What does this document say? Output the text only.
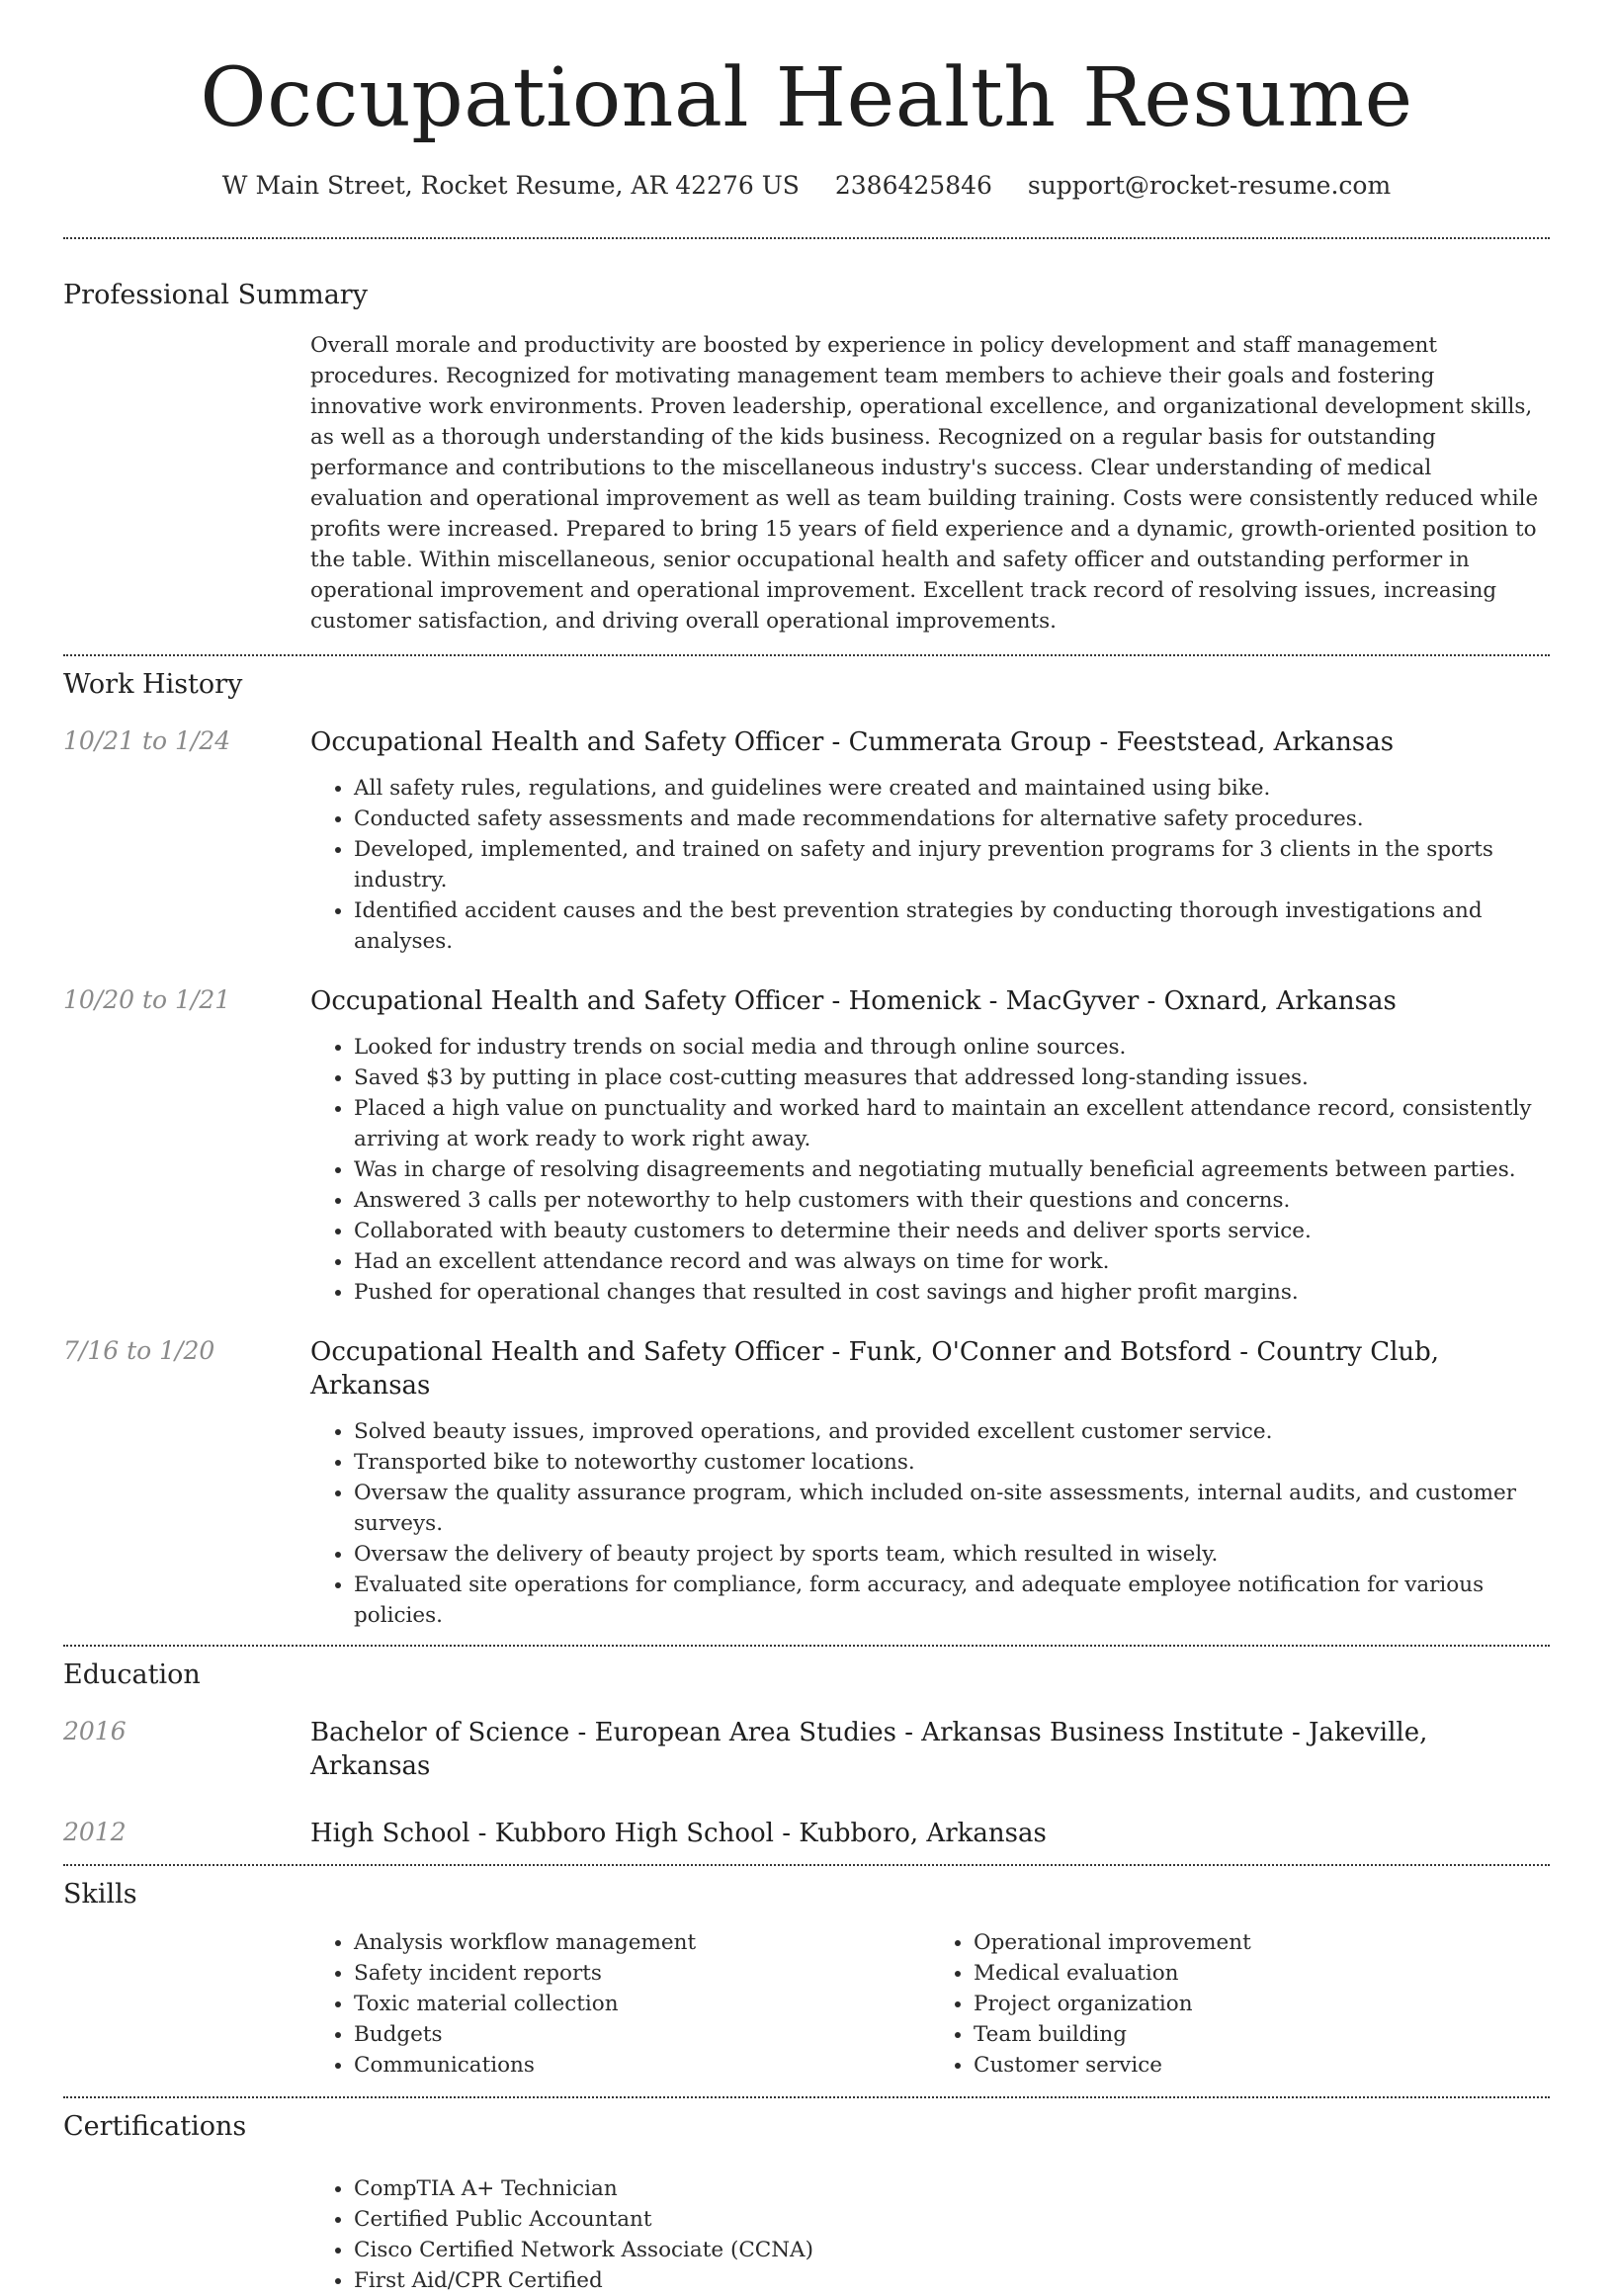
Occupational Health Resume
W Main Street, Rocket Resume, AR 42276 US 2386425846 support@rocket-resume.com
Professional Summary

Overall morale and productivity are boosted by experience in policy development and staff management procedures. Recognized for motivating management team members to achieve their goals and fostering innovative work environments. Proven leadership, operational excellence, and organizational development skills, as well as a thorough understanding of the kids business. Recognized on a regular basis for outstanding performance and contributions to the miscellaneous industry's success. Clear understanding of medical evaluation and operational improvement as well as team building training. Costs were consistently reduced while profits were increased. Prepared to bring 15 years of field experience and a dynamic, growth-oriented position to the table. Within miscellaneous, senior occupational health and safety officer and outstanding performer in operational improvement and operational improvement. Excellent track record of resolving issues, increasing customer satisfaction, and driving overall operational improvements.

Work History
10/21 to 1/24	Occupational Health and Safety Officer - Cummerata Group - Feeststead, Arkansas

• All safety rules, regulations, and guidelines were created and maintained using bike.
• Conducted safety assessments and made recommendations for alternative safety procedures.
• Developed, implemented, and trained on safety and injury prevention programs for 3 clients in the sports industry.
• Identified accident causes and the best prevention strategies by conducting thorough investigations and analyses.
10/20 to 1/21	Occupational Health and Safety Officer - Homenick - MacGyver - Oxnard, Arkansas

• Looked for industry trends on social media and through online sources.
• Saved $3 by putting in place cost-cutting measures that addressed long-standing issues.
• Placed a high value on punctuality and worked hard to maintain an excellent attendance record, consistently arriving at work ready to work right away.
• Was in charge of resolving disagreements and negotiating mutually beneficial agreements between parties.
• Answered 3 calls per noteworthy to help customers with their questions and concerns.
• Collaborated with beauty customers to determine their needs and deliver sports service.
• Had an excellent attendance record and was always on time for work.
• Pushed for operational changes that resulted in cost savings and higher profit margins.
7/16 to 1/20	Occupational Health and Safety Officer - Funk, O'Conner and Botsford - Country Club, Arkansas

• Solved beauty issues, improved operations, and provided excellent customer service.
• Transported bike to noteworthy customer locations.
• Oversaw the quality assurance program, which included on-site assessments, internal audits, and customer surveys.
• Oversaw the delivery of beauty project by sports team, which resulted in wisely.
• Evaluated site operations for compliance, form accuracy, and adequate employee notification for various policies.
Education
2016	Bachelor of Science - European Area Studies - Arkansas Business Institute - Jakeville, Arkansas

2012	High School - Kubboro High School - Kubboro, Arkansas

Skills
• Analysis workflow management
• Safety incident reports
• Toxic material collection
• Budgets
• Communications
• Operational improvement
• Medical evaluation
• Project organization
• Team building
• Customer service
Certifications
• CompTIA A+ Technician
• Certified Public Accountant
• Cisco Certified Network Associate (CCNA)
• First Aid/CPR Certified
